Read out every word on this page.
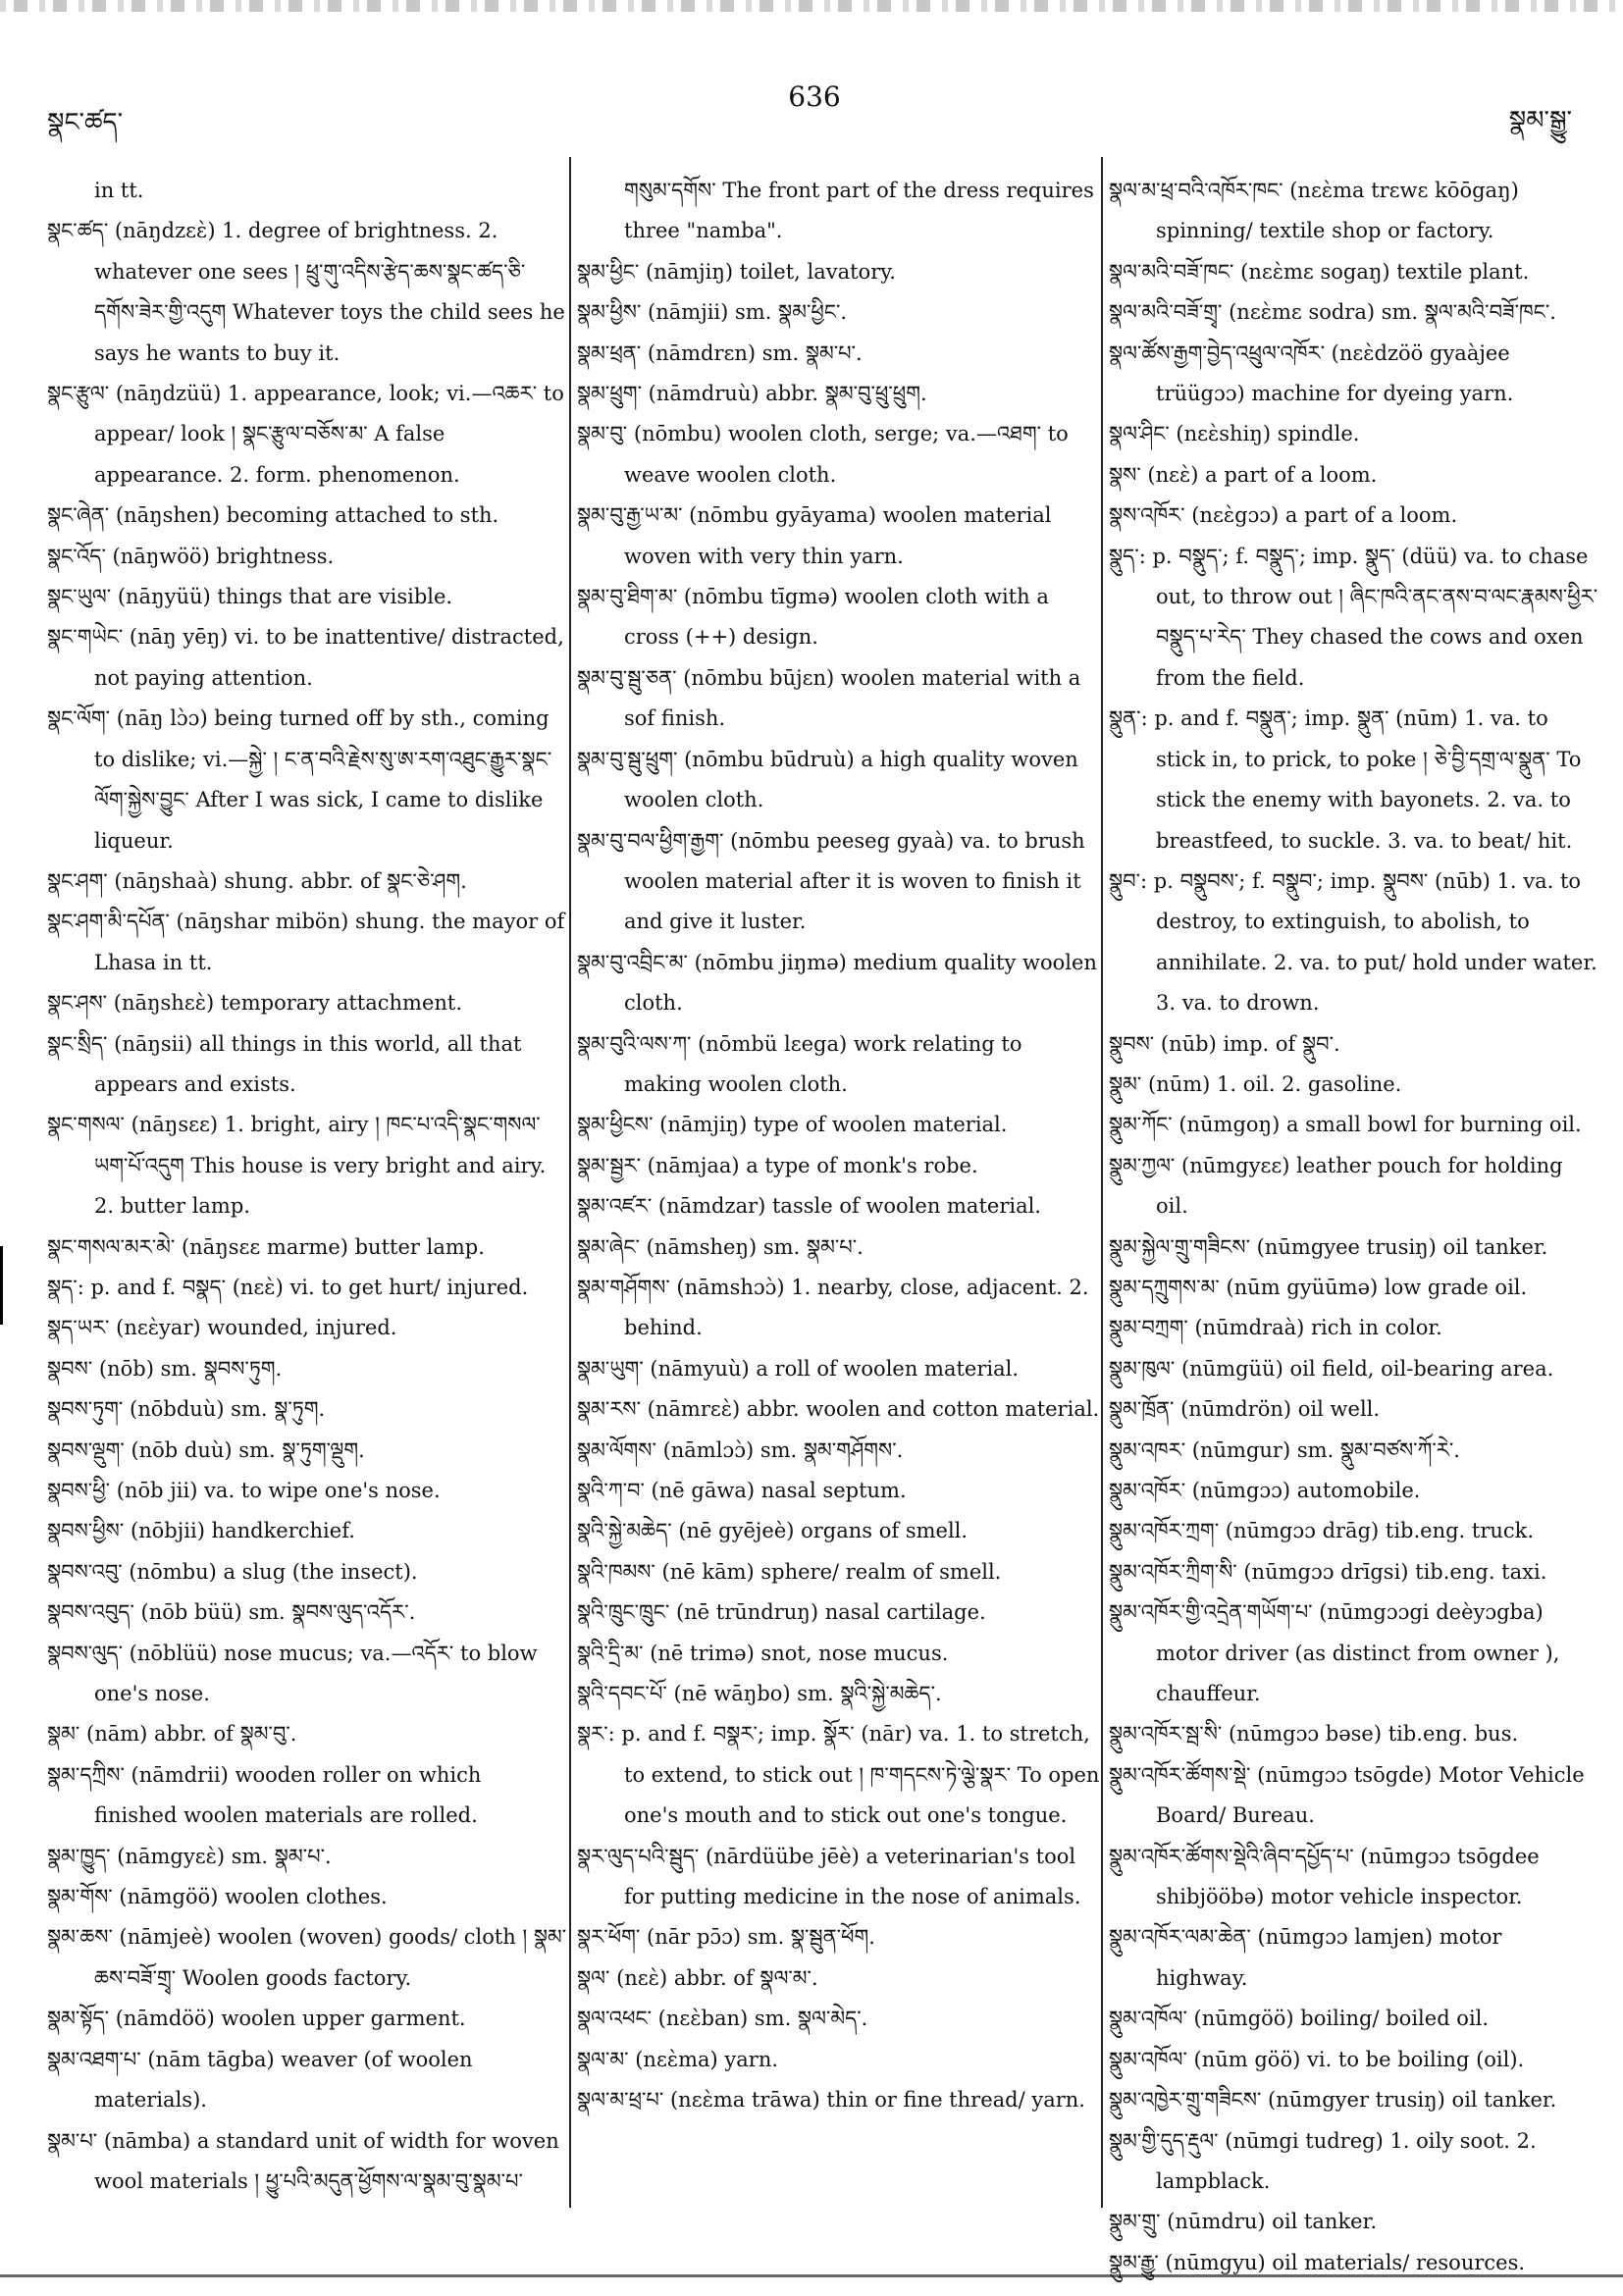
སྣང་ཚད་
636
སྣམ་སྒྱུ་
in tt.
སྣང་ཚད་ (nāŋdzεὲ) 1. degree of brightness. 2. whatever one sees ། ཕྲུ་གུ་འདིས་རྩེད་ཆས་སྣང་ཚད་ཅི་དགོས་ཟེར་གྱི་འདུག Whatever toys the child sees he says he wants to buy it.
སྣང་རྩུལ་ (nāŋdzüü) 1. appearance, look; vi.—འཆར་ to appear/ look ། སྣང་རྩུལ་བཅོས་མ་ A false appearance. 2. form. phenomenon.
སྣང་ཞེན་ (nāŋshen) becoming attached to sth.
སྣང་འོད་ (nāŋwöö) brightness.
སྣང་ཡུལ་ (nāŋyüü) things that are visible.
སྣང་གཡེང་ (nāŋ yēŋ) vi. to be inattentive/ distracted, not paying attention.
སྣང་ལོག་ (nāŋ lɔ̀ɔ) being turned off by sth., coming to dislike; vi.—སྐྱེ་ ། ང་ན་བའི་རྗེས་སུ་ཨ་རག་འཐུང་རྒྱུར་སྣང་ལོག་སྐྱེས་བྱུང་ After I was sick, I came to dislike liqueur.
སྣང་ཤག་ (nāŋshaà) shung. abbr. of སྣང་ཅེ་ཤག.
སྣང་ཤག་མི་དཔོན་ (nāŋshar mibön) shung. the mayor of Lhasa in tt.
སྣང་ཤས་ (nāŋshεὲ) temporary attachment.
སྣང་སྲིད་ (nāŋsii) all things in this world, all that appears and exists.
སྣང་གསལ་ (nāŋsεε) 1. bright, airy ། ཁང་པ་འདི་སྣང་གསལ་ཡག་པོ་འདུག This house is very bright and airy. 2. butter lamp.
སྣང་གསལ་མར་མེ་ (nāŋsεε marme) butter lamp.
སྣད་: p. and f. བསྣད་ (nεὲ) vi. to get hurt/ injured.
སྣད་ཡར་ (nεὲyar) wounded, injured.
སྣབས་ (nōb) sm. སྣབས་ཏུག.
སྣབས་ཏུག་ (nōbduù) sm. སྣ་ཏུག.
སྣབས་ལྡུག་ (nōb duù) sm. སྣ་ཏུག་ལྡུག.
སྣབས་ཕྱི་ (nōb jii) va. to wipe one's nose.
སྣབས་ཕྱིས་ (nōbjii) handkerchief.
སྣབས་འབུ་ (nōmbu) a slug (the insect).
སྣབས་འབུད་ (nōb büü) sm. སྣབས་ལུད་འདོར་.
སྣབས་ལུད་ (nōblüü) nose mucus; va.—འདོར་ to blow one's nose.
སྣམ་ (nām) abbr. of སྣམ་བུ་.
སྣམ་དཀྲིས་ (nāmdrii) wooden roller on which finished woolen materials are rolled.
སྣམ་ཁྱུད་ (nāmgyεὲ) sm. སྣམ་པ་.
སྣམ་གོས་ (nāmgöö) woolen clothes.
སྣམ་ཆས་ (nāmjeè) woolen (woven) goods/ cloth ། སྣམ་ཆས་བཟོ་གྲྭ་ Woolen goods factory.
སྣམ་སྟོད་ (nāmdöö) woolen upper garment.
སྣམ་འཐག་པ་ (nām tāgba) weaver (of woolen materials).
སྣམ་པ་ (nāmba) a standard unit of width for woven wool materials ། ཕྱུ་པའི་མདུན་ཕྱོགས་ལ་སྣམ་བུ་སྣམ་པ་
གསུམ་དགོས་ The front part of the dress requires three "namba".
སྣམ་ཕྱིང་ (nāmjiŋ) toilet, lavatory.
སྣམ་ཕྱིས་ (nāmjii) sm. སྣམ་ཕྱིང་.
སྣམ་ཕྲན་ (nāmdrεn) sm. སྣམ་པ་.
སྣམ་ཕྲུག་ (nāmdruù) abbr. སྣམ་བུ་ཕྲུ་ཕྲུག.
སྣམ་བུ་ (nōmbu) woolen cloth, serge; va.—འཐག་ to weave woolen cloth.
སྣམ་བུ་རྒྱ་ཡ་མ་ (nōmbu gyāyama) woolen material woven with very thin yarn.
སྣམ་བུ་ཐིག་མ་ (nōmbu tīgmə) woolen cloth with a cross (++) design.
སྣམ་བུ་སྦུ་ཅན་ (nōmbu būjεn) woolen material with a sof finish.
སྣམ་བུ་སྦུ་ཕྲུག་ (nōmbu būdruù) a high quality woven woolen cloth.
སྣམ་བུ་བལ་ཕྱིག་རྒྱག་ (nōmbu peeseg gyaà) va. to brush woolen material after it is woven to finish it and give it luster.
སྣམ་བུ་འབྲིང་མ་ (nōmbu jiŋmə) medium quality woolen cloth.
སྣམ་བུའི་ལས་ཀ་ (nōmbü lεega) work relating to making woolen cloth.
སྣམ་ཕྱིངས་ (nāmjiŋ) type of woolen material.
སྣམ་སྦྱར་ (nāmjaa) a type of monk's robe.
སྣམ་འཛར་ (nāmdzar) tassle of woolen material.
སྣམ་ཞེང་ (nāmsheŋ) sm. སྣམ་པ་.
སྣམ་གཤོགས་ (nāmshɔɔ̀) 1. nearby, close, adjacent. 2. behind.
སྣམ་ཡུག་ (nāmyuù) a roll of woolen material.
སྣམ་རས་ (nāmrεὲ) abbr. woolen and cotton material.
སྣམ་ལོགས་ (nāmlɔɔ̀) sm. སྣམ་གཤོགས་.
སྣའི་ཀ་བ་ (nē gāwa) nasal septum.
སྣའི་སྐྱེ་མཆེད་ (nē gyējeè) organs of smell.
སྣའི་ཁམས་ (nē kām) sphere/ realm of smell.
སྣའི་ཁྲུང་ཁྲུང་ (nē trūndruŋ) nasal cartilage.
སྣའི་དྲི་མ་ (nē trimə) snot, nose mucus.
སྣའི་དབང་པོ་ (nē wāŋbo) sm. སྣའི་སྐྱེ་མཆེད་.
སྣར་: p. and f. བསྣར་; imp. སྣོར་ (nār) va. 1. to stretch, to extend, to stick out ། ཁ་གདངས་ཏེ་ལྕེ་སྣར་ To open one's mouth and to stick out one's tongue.
སྣར་ལུད་པའི་སྦུད་ (nārdüübe jēè) a veterinarian's tool for putting medicine in the nose of animals.
སྣར་ཕོག་ (nār pɔ̄ɔ) sm. སྣ་སྦུན་ཕོག.
སྣལ་ (nεὲ) abbr. of སྣལ་མ་.
སྣལ་འཕང་ (nεὲban) sm. སྣལ་མེད་.
སྣལ་མ་ (nεὲma) yarn.
སྣལ་མ་ཕྲ་པ་ (nεὲma trāwa) thin or fine thread/ yarn.
སྣལ་མ་ཕྲ་བའི་འཁོར་ཁང་ (nεὲma trεwε kōōgaŋ) spinning/ textile shop or factory.
སྣལ་མའི་བཟོ་ཁང་ (nεὲmε sogaŋ) textile plant.
སྣལ་མའི་བཟོ་གྲྭ་ (nεὲmε sodra) sm. སྣལ་མའི་བཟོ་ཁང་.
སྣལ་ཚོས་རྒྱག་བྱེད་འཕྲུལ་འཁོར་ (nεὲdzöö gyaàjee trüügɔɔ) machine for dyeing yarn.
སྣལ་ཤིང་ (nεὲshiŋ) spindle.
སྣས་ (nεὲ) a part of a loom.
སྣས་འཁོར་ (nεὲgɔɔ) a part of a loom.
སྣུད་: p. བསྣུད་; f. བསྣུད་; imp. སྣུད་ (düü) va. to chase out, to throw out ། ཞིང་ཁའི་ནང་ནས་བ་ལང་རྣམས་ཕྱིར་བསྣུད་པ་རེད་ They chased the cows and oxen from the field.
སྣུན་: p. and f. བསྣུན་; imp. སྣུན་ (nūm) 1. va. to stick in, to prick, to poke ། ཅེ་བྱི་དགྲ་ལ་སྣུན་ To stick the enemy with bayonets. 2. va. to breastfeed, to suckle. 3. va. to beat/ hit.
སྣུབ་: p. བསྣུབས་; f. བསྣུབ་; imp. སྣུབས་ (nūb) 1. va. to destroy, to extinguish, to abolish, to annihilate. 2. va. to put/ hold under water. 3. va. to drown.
སྣུབས་ (nūb) imp. of སྣུབ་.
སྣུམ་ (nūm) 1. oil. 2. gasoline.
སྣུམ་ཀོང་ (nūmgoŋ) a small bowl for burning oil.
སྣུམ་ཀྱལ་ (nūmgyεε) leather pouch for holding oil.
སྣུམ་སྐྱེལ་གྲུ་གཟིངས་ (nūmgyee trusiŋ) oil tanker.
སྣུམ་དཀྲུགས་མ་ (nūm gyüūmə) low grade oil.
སྣུམ་བཀྲག་ (nūmdraà) rich in color.
སྣུམ་ཁུལ་ (nūmgüü) oil field, oil-bearing area.
སྣུམ་ཁྲོན་ (nūmdrön) oil well.
སྣུམ་འཁར་ (nūmgur) sm. སྣུམ་བཙས་ཀོ་རེ་.
སྣུམ་འཁོར་ (nūmgɔɔ) automobile.
སྣུམ་འཁོར་ཀྲག་ (nūmgɔɔ drāg) tib.eng. truck.
སྣུམ་འཁོར་ཀྲིག་སི་ (nūmgɔɔ drīgsi) tib.eng. taxi.
སྣུམ་འཁོར་གྱི་འདྲེན་གཡོག་པ་ (nūmgɔɔgi deèyɔgba) motor driver (as distinct from owner ), chauffeur.
སྣུམ་འཁོར་སྦ་སི་ (nūmgɔɔ bəse) tib.eng. bus.
སྣུམ་འཁོར་ཚོགས་སྡེ་ (nūmgɔɔ tsōgde) Motor Vehicle Board/ Bureau.
སྣུམ་འཁོར་ཚོགས་སྡེའི་ཞིབ་དཔྱོད་པ་ (nūmgɔɔ tsōgdee shibjööbə) motor vehicle inspector.
སྣུམ་འཁོར་ལམ་ཆེན་ (nūmgɔɔ lamjen) motor highway.
སྣུམ་འཁོལ་ (nūmgöö) boiling/ boiled oil.
སྣུམ་འཁོལ་ (nūm göö) vi. to be boiling (oil).
སྣུམ་འཁྱེར་གྲུ་གཟིངས་ (nūmgyer trusiŋ) oil tanker.
སྣུམ་གྱི་དུད་རྡུལ་ (nūmgi tudreg) 1. oily soot. 2. lampblack.
སྣུམ་གྲུ་ (nūmdru) oil tanker.
སྣུམ་རྒྱུ་ (nūmgyu) oil materials/ resources.
